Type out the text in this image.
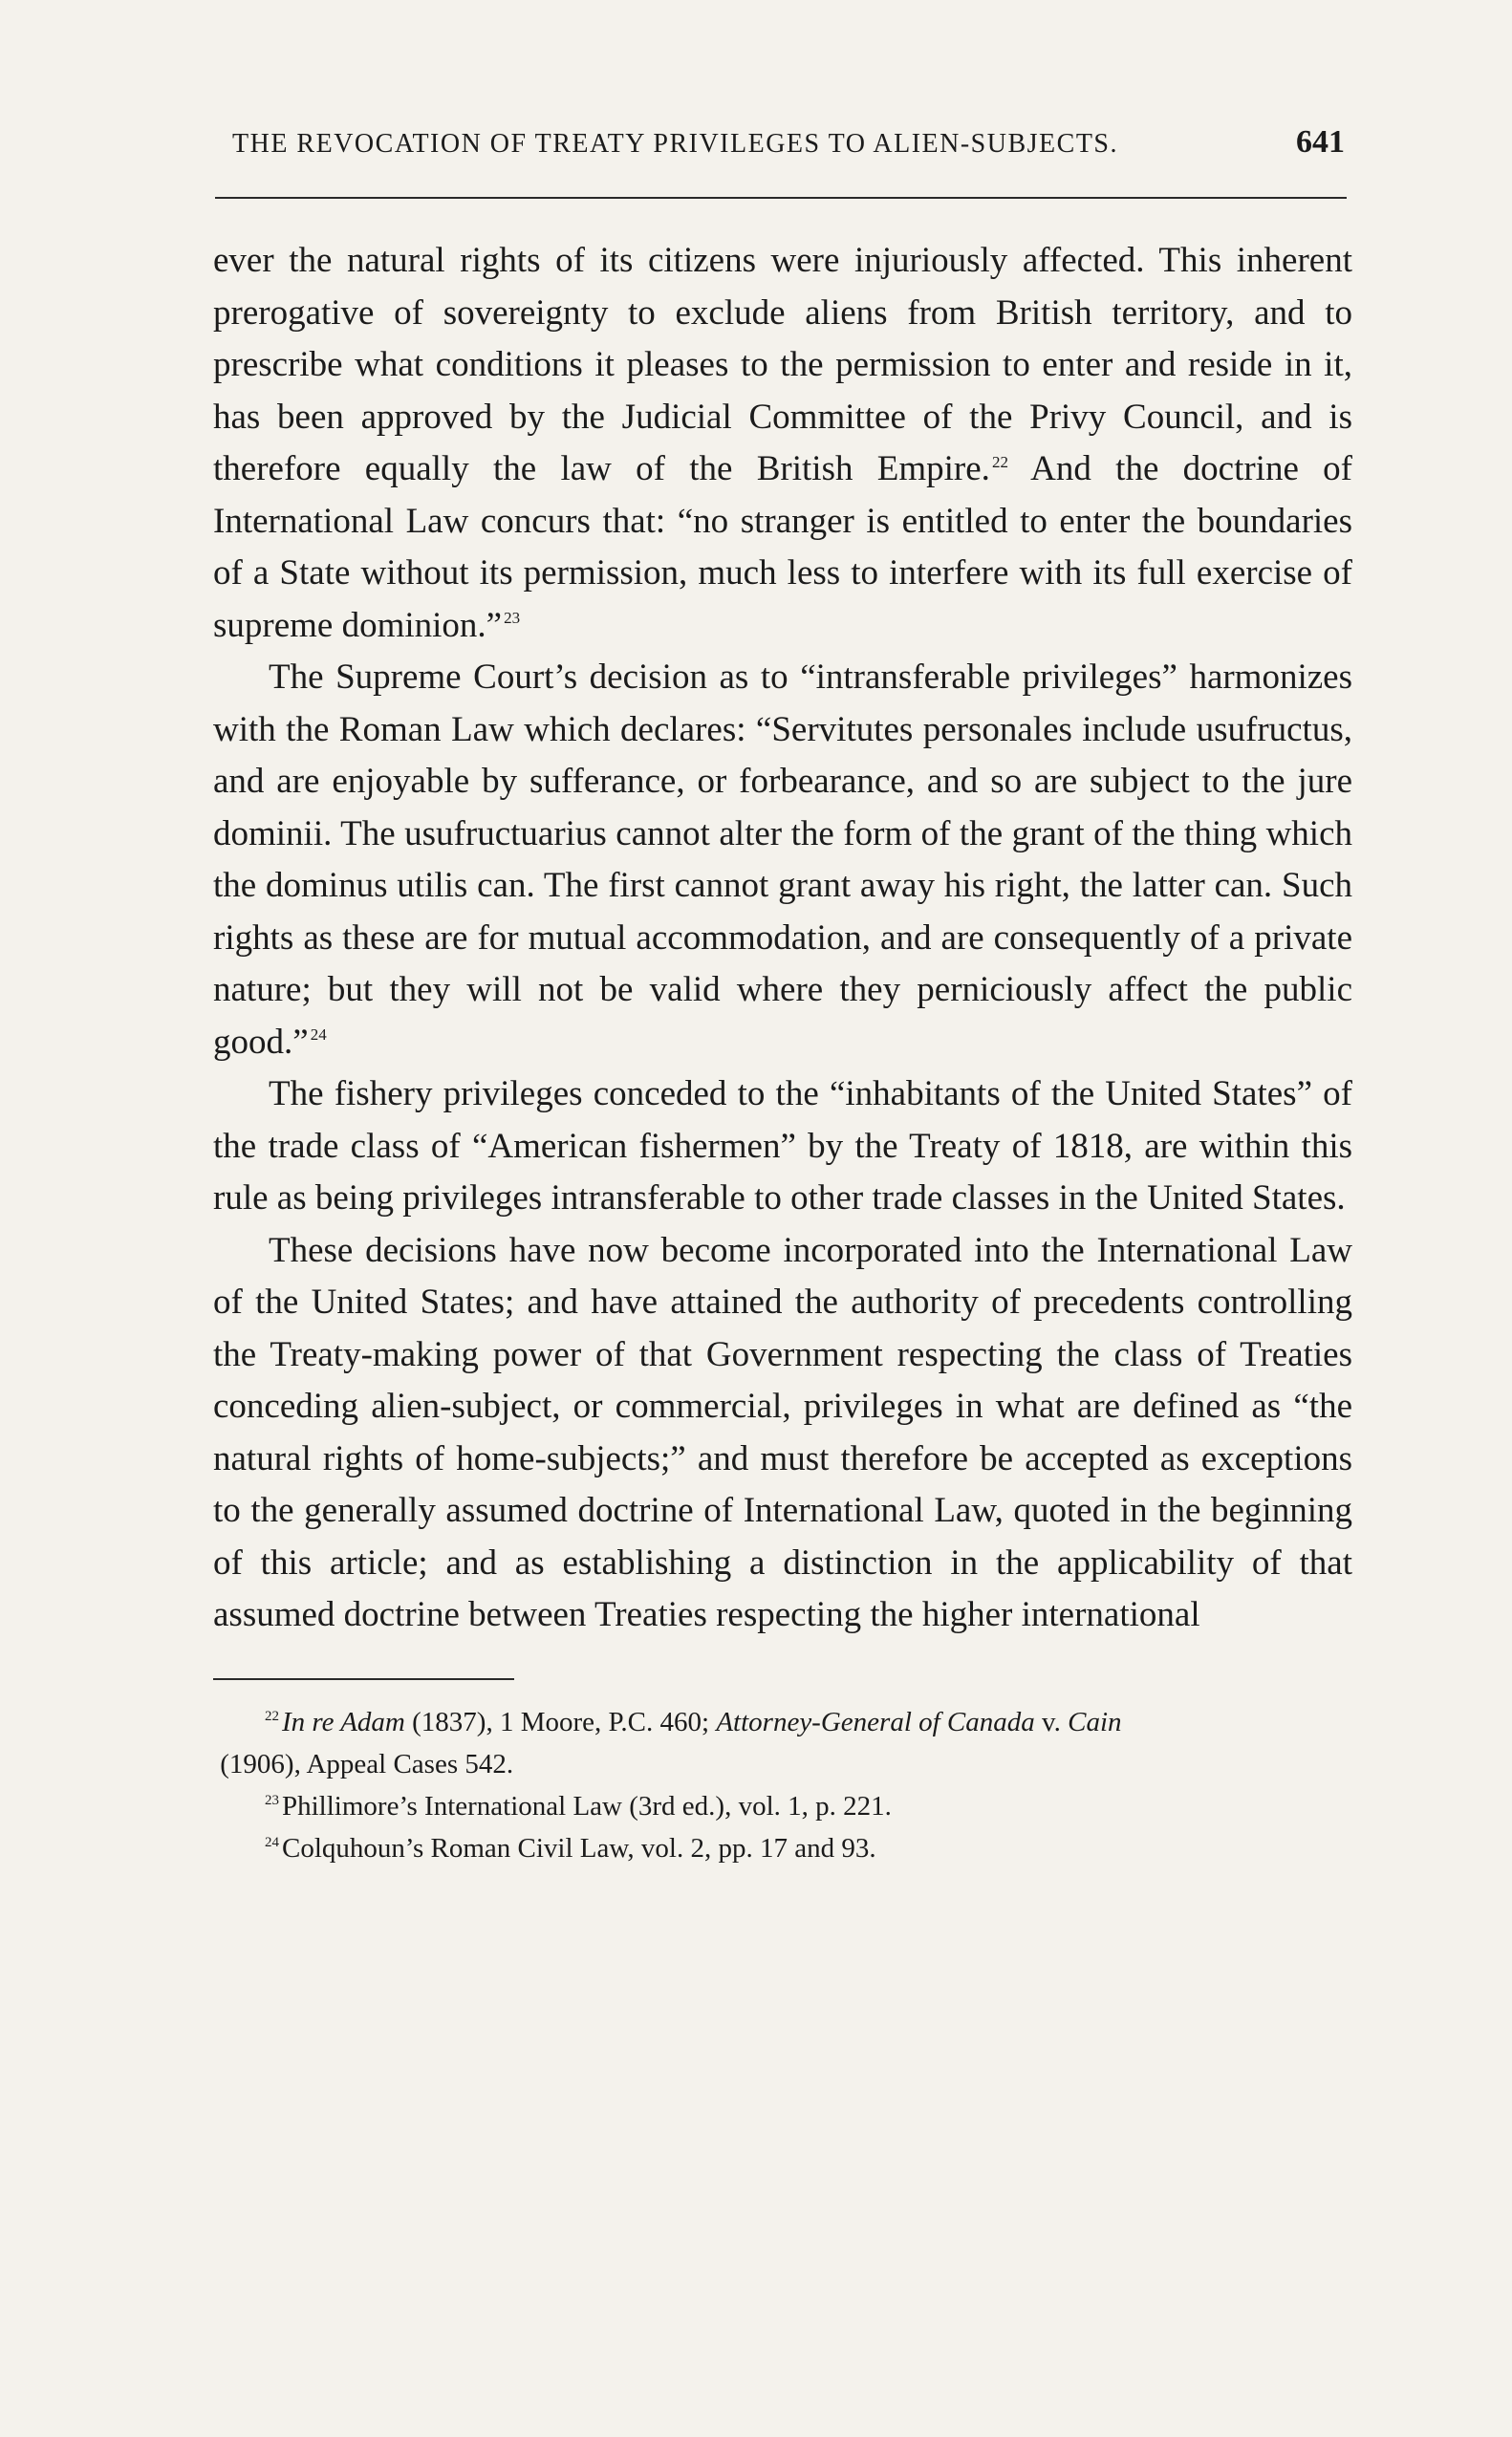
THE REVOCATION OF TREATY PRIVILEGES TO ALIEN-SUBJECTS.	641

ever the natural rights of its citizens were injuriously affected. This inherent prerogative of sovereignty to exclude aliens from British territory, and to prescribe what conditions it pleases to the permission to enter and reside in it, has been approved by the Judicial Committee of the Privy Council, and is therefore equally the law of the British Empire. $^{22}$ And the doctrine of International Law concurs that: “no stranger is entitled to enter the boundaries of a State without its permission, much less to interfere with its full exercise of supreme dominion.” $^{23}$

The Supreme Court’s decision as to “intransferable privileges” harmonizes with the Roman Law which declares: “Servitutes personales include usufructus, and are enjoyable by sufferance, or forbearance, and so are subject to the jure dominii. The usufructuarius cannot alter the form of the grant of the thing which the dominus utilis can. The first cannot grant away his right, the latter can. Such rights as these are for mutual accommodation, and are consequently of a private nature; but they will not be valid where they perniciously affect the public good.” $^{24}$

The fishery privileges conceded to the “inhabitants of the United States” of the trade class of “American fishermen” by the Treaty of 1818, are within this rule as being privileges intransferable to other trade classes in the United States.

These decisions have now become incorporated into the International Law of the United States; and have attained the authority of precedents controlling the Treaty-making power of that Government respecting the class of Treaties conceding alien-subject, or commercial, privileges in what are defined as “the natural rights of home-subjects;” and must therefore be accepted as exceptions to the generally assumed doctrine of International Law, quoted in the beginning of this article; and as establishing a distinction in the applicability of that assumed doctrine between Treaties respecting the higher international

$^{22}$ In re Adam (1837), 1 Moore, P.C. 460; Attorney-General of Canada v. Cain (1906), Appeal Cases 542.

$^{23}$ Phillimore’s International Law (3rd ed.), vol. 1, p. 221.

$^{24}$ Colquhoun’s Roman Civil Law, vol. 2, pp. 17 and 93.
